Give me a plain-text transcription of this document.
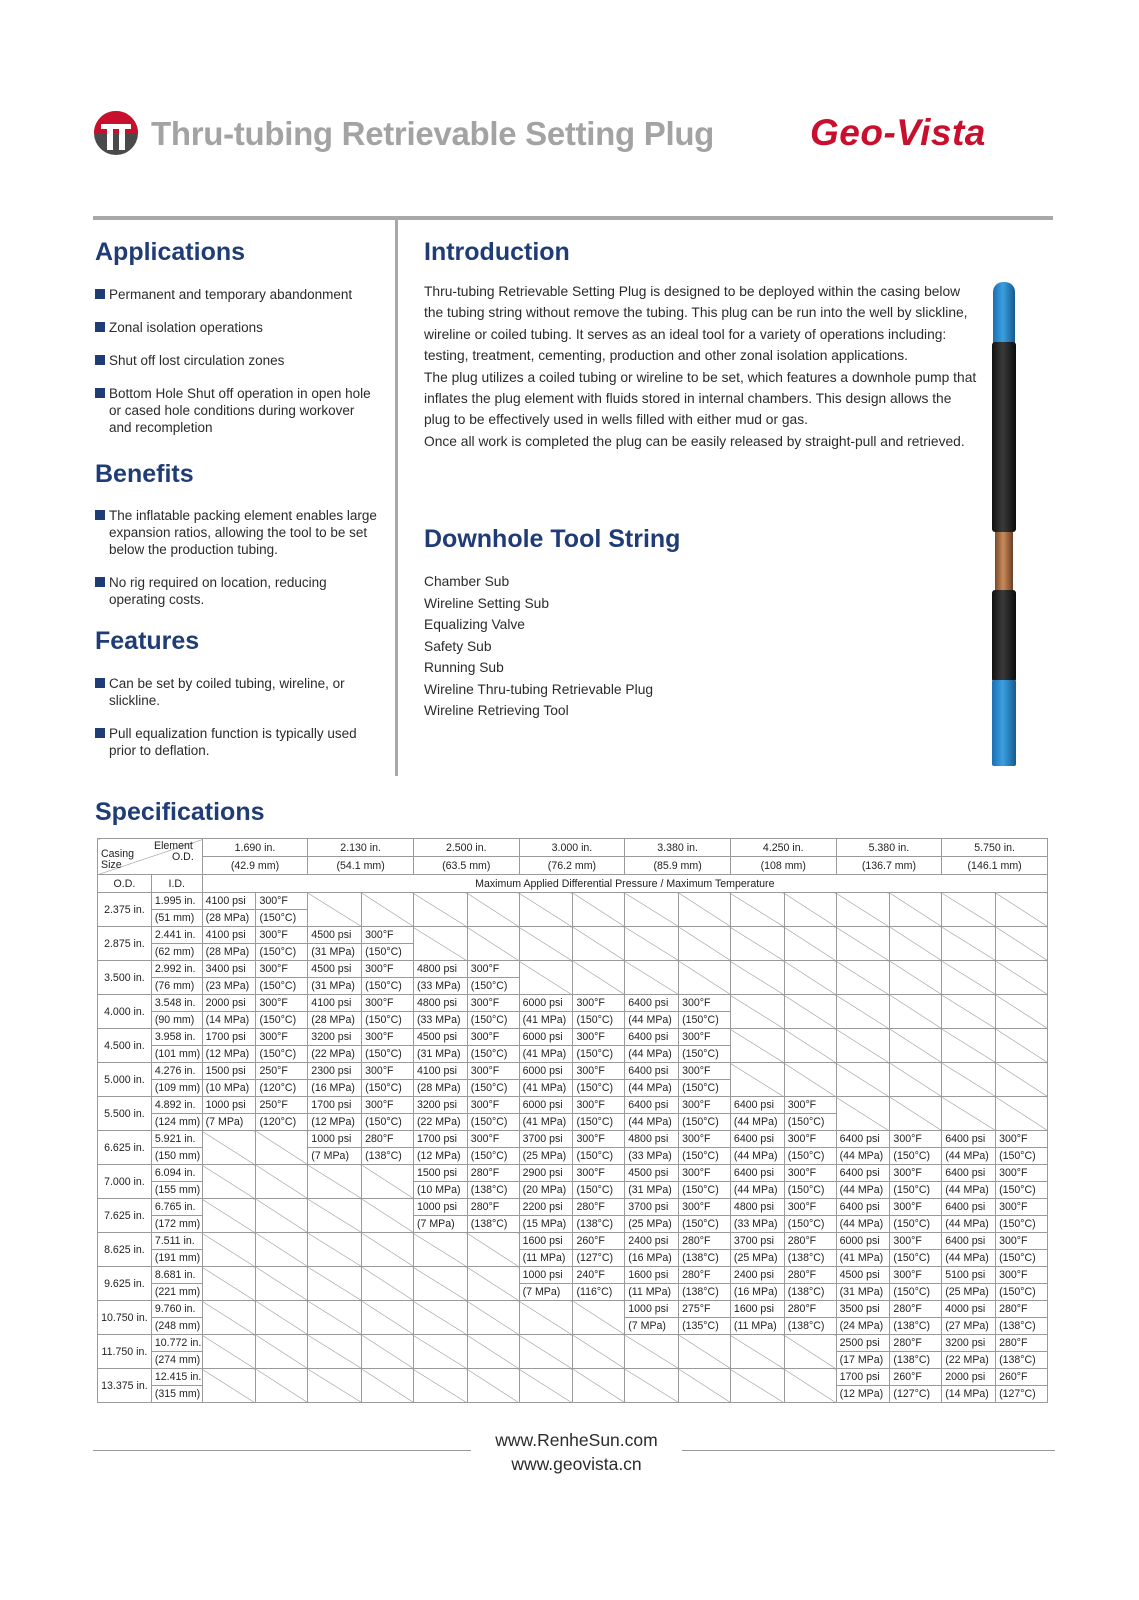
Thru-tubing Retrievable Setting Plug	Geo-Vista
Applications
Permanent and temporary abandonment
Zonal isolation operations
Shut off lost circulation zones
Bottom Hole Shut off operation in open hole or cased hole conditions during workover and recompletion
Benefits
The inflatable packing element enables large expansion ratios, allowing the tool to be set below the production tubing.
No rig required on location, reducing operating costs.
Features
Can be set by coiled tubing, wireline, or slickline.
Pull equalization function is typically used prior to deflation.
Introduction

Thru-tubing Retrievable Setting Plug is designed to be deployed within the casing below the tubing string without remove the tubing. This plug can be run into the well by slickline, wireline or coiled tubing. It serves as an ideal tool for a variety of operations including: testing, treatment, cementing, production and other zonal isolation applications.

The plug utilizes a coiled tubing or wireline to be set, which features a downhole pump that inflates the plug element with fluids stored in internal chambers. This design allows the plug to be effectively used in wells filled with either mud or gas.

Once all work is completed the plug can be easily released by straight-pull and retrieved.

Downhole Tool String
Chamber Sub
Wireline Setting Sub
Equalizing Valve
Safety Sub
Running Sub
Wireline Thru-tubing Retrievable Plug
Wireline Retrieving Tool
Specifications
Element
O.D.
Casing
Size		1.690 in.		2.130 in.		2.500 in.		3.000 in.		3.380 in.		4.250 in.		5.380 in.		5.750 in.	
		(42.9 mm)		(54.1 mm)		(63.5 mm)		(76.2 mm)		(85.9 mm)		(108 mm)		(136.7 mm)		(146.1 mm)	
O.D.	I.D.	Maximum Applied Differential Pressure / Maximum Temperature															
2.375 in.	1.995 in.	4100 psi	300°F														
	(51 mm)	(28 MPa)	(150°C)														
2.875 in.	2.441 in.	4100 psi	300°F	4500 psi	300°F												
	(62 mm)	(28 MPa)	(150°C)	(31 MPa)	(150°C)												
3.500 in.	2.992 in.	3400 psi	300°F	4500 psi	300°F	4800 psi	300°F										
	(76 mm)	(23 MPa)	(150°C)	(31 MPa)	(150°C)	(33 MPa)	(150°C)										
4.000 in.	3.548 in.	2000 psi	300°F	4100 psi	300°F	4800 psi	300°F	6000 psi	300°F	6400 psi	300°F						
	(90 mm)	(14 MPa)	(150°C)	(28 MPa)	(150°C)	(33 MPa)	(150°C)	(41 MPa)	(150°C)	(44 MPa)	(150°C)						
4.500 in.	3.958 in.	1700 psi	300°F	3200 psi	300°F	4500 psi	300°F	6000 psi	300°F	6400 psi	300°F						
	(101 mm)	(12 MPa)	(150°C)	(22 MPa)	(150°C)	(31 MPa)	(150°C)	(41 MPa)	(150°C)	(44 MPa)	(150°C)						
5.000 in.	4.276 in.	1500 psi	250°F	2300 psi	300°F	4100 psi	300°F	6000 psi	300°F	6400 psi	300°F						
	(109 mm)	(10 MPa)	(120°C)	(16 MPa)	(150°C)	(28 MPa)	(150°C)	(41 MPa)	(150°C)	(44 MPa)	(150°C)						
5.500 in.	4.892 in.	1000 psi	250°F	1700 psi	300°F	3200 psi	300°F	6000 psi	300°F	6400 psi	300°F	6400 psi	300°F				
	(124 mm)	(7 MPa)	(120°C)	(12 MPa)	(150°C)	(22 MPa)	(150°C)	(41 MPa)	(150°C)	(44 MPa)	(150°C)	(44 MPa)	(150°C)				
6.625 in.	5.921 in.			1000 psi	280°F	1700 psi	300°F	3700 psi	300°F	4800 psi	300°F	6400 psi	300°F	6400 psi	300°F	6400 psi	300°F
	(150 mm)			(7 MPa)	(138°C)	(12 MPa)	(150°C)	(25 MPa)	(150°C)	(33 MPa)	(150°C)	(44 MPa)	(150°C)	(44 MPa)	(150°C)	(44 MPa)	(150°C)
7.000 in.	6.094 in.					1500 psi	280°F	2900 psi	300°F	4500 psi	300°F	6400 psi	300°F	6400 psi	300°F	6400 psi	300°F
	(155 mm)					(10 MPa)	(138°C)	(20 MPa)	(150°C)	(31 MPa)	(150°C)	(44 MPa)	(150°C)	(44 MPa)	(150°C)	(44 MPa)	(150°C)
7.625 in.	6.765 in.					1000 psi	280°F	2200 psi	280°F	3700 psi	300°F	4800 psi	300°F	6400 psi	300°F	6400 psi	300°F
	(172 mm)					(7 MPa)	(138°C)	(15 MPa)	(138°C)	(25 MPa)	(150°C)	(33 MPa)	(150°C)	(44 MPa)	(150°C)	(44 MPa)	(150°C)
8.625 in.	7.511 in.							1600 psi	260°F	2400 psi	280°F	3700 psi	280°F	6000 psi	300°F	6400 psi	300°F
	(191 mm)							(11 MPa)	(127°C)	(16 MPa)	(138°C)	(25 MPa)	(138°C)	(41 MPa)	(150°C)	(44 MPa)	(150°C)
9.625 in.	8.681 in.							1000 psi	240°F	1600 psi	280°F	2400 psi	280°F	4500 psi	300°F	5100 psi	300°F
	(221 mm)							(7 MPa)	(116°C)	(11 MPa)	(138°C)	(16 MPa)	(138°C)	(31 MPa)	(150°C)	(25 MPa)	(150°C)
10.750 in.	9.760 in.									1000 psi	275°F	1600 psi	280°F	3500 psi	280°F	4000 psi	280°F
	(248 mm)									(7 MPa)	(135°C)	(11 MPa)	(138°C)	(24 MPa)	(138°C)	(27 MPa)	(138°C)
11.750 in.	10.772 in.													2500 psi	280°F	3200 psi	280°F
	(274 mm)													(17 MPa)	(138°C)	(22 MPa)	(138°C)
13.375 in.	12.415 in.													1700 psi	260°F	2000 psi	260°F
	(315 mm)													(12 MPa)	(127°C)	(14 MPa)	(127°C)
www.RenheSun.com
www.geovista.cn
